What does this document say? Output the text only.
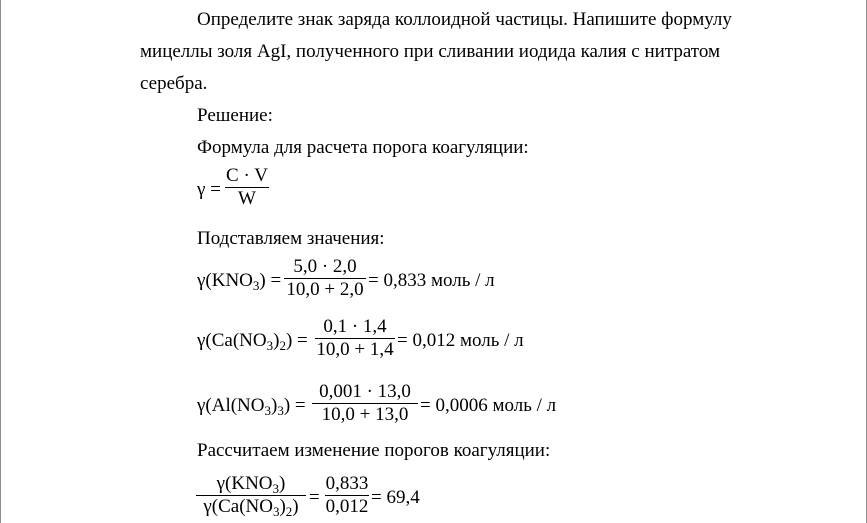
Определите знак заряда коллоидной частицы. Напишите формулу
мицеллы золя AgI, полученного при сливании иодида калия с нитратом
серебра.
Решение:
Формула для расчета порога коагуляции:
γ =
C · V
W
Подставляем значения:
$\gamma(KNO_3)$ =
5,0 · 2,0
10,0 + 2,0 = 0,833 моль / л
$\gamma(Ca(NO_3)_2)$ =
0,1 · 1,4
10,0 + 1,4 = 0,012 моль / л
$\gamma(Al(NO_3)_3)$ =
0,001 · 13,0
10,0 + 13,0 = 0,0006 моль / л
Рассчитаем изменение порогов коагуляции:
$\gamma(KNO_3)$
$\gamma(Ca(NO_3)_2)$ =
0,833
0,012 = 69,4
